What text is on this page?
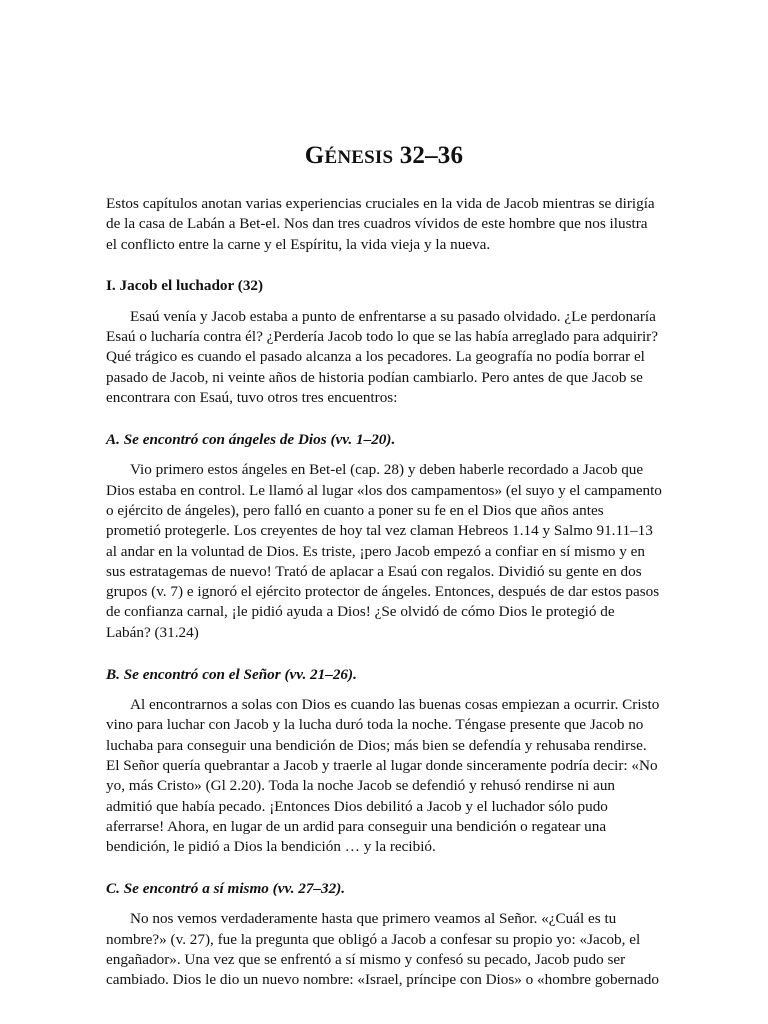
GÉNESIS 32–36

Estos capítulos anotan varias experiencias cruciales en la vida de Jacob mientras se dirigía de la casa de Labán a Bet-el. Nos dan tres cuadros vívidos de este hombre que nos ilustra el conflicto entre la carne y el Espíritu, la vida vieja y la nueva.

I. Jacob el luchador (32)

Esaú venía y Jacob estaba a punto de enfrentarse a su pasado olvidado. ¿Le perdonaría Esaú o lucharía contra él? ¿Perdería Jacob todo lo que se las había arreglado para adquirir? Qué trágico es cuando el pasado alcanza a los pecadores. La geografía no podía borrar el pasado de Jacob, ni veinte años de historia podían cambiarlo. Pero antes de que Jacob se encontrara con Esaú, tuvo otros tres encuentros:

A. Se encontró con ángeles de Dios (vv. 1–20).

Vio primero estos ángeles en Bet-el (cap. 28) y deben haberle recordado a Jacob que Dios estaba en control. Le llamó al lugar «los dos campamentos» (el suyo y el campamento o ejército de ángeles), pero falló en cuanto a poner su fe en el Dios que años antes prometió protegerle. Los creyentes de hoy tal vez claman Hebreos 1.14 y Salmo 91.11–13 al andar en la voluntad de Dios. Es triste, ¡pero Jacob empezó a confiar en sí mismo y en sus estratagemas de nuevo! Trató de aplacar a Esaú con regalos. Dividió su gente en dos grupos (v. 7) e ignoró el ejército protector de ángeles. Entonces, después de dar estos pasos de confianza carnal, ¡le pidió ayuda a Dios! ¿Se olvidó de cómo Dios le protegió de Labán? (31.24)

B. Se encontró con el Señor (vv. 21–26).

Al encontrarnos a solas con Dios es cuando las buenas cosas empiezan a ocurrir. Cristo vino para luchar con Jacob y la lucha duró toda la noche. Téngase presente que Jacob no luchaba para conseguir una bendición de Dios; más bien se defendía y rehusaba rendirse. El Señor quería quebrantar a Jacob y traerle al lugar donde sinceramente podría decir: «No yo, más Cristo» (Gl 2.20). Toda la noche Jacob se defendió y rehusó rendirse ni aun admitió que había pecado. ¡Entonces Dios debilitó a Jacob y el luchador sólo pudo aferrarse! Ahora, en lugar de un ardid para conseguir una bendición o regatear una bendición, le pidió a Dios la bendición … y la recibió.

C. Se encontró a sí mismo (vv. 27–32).

No nos vemos verdaderamente hasta que primero veamos al Señor. «¿Cuál es tu nombre?» (v. 27), fue la pregunta que obligó a Jacob a confesar su propio yo: «Jacob, el engañador». Una vez que se enfrentó a sí mismo y confesó su pecado, Jacob pudo ser cambiado. Dios le dio un nuevo nombre: «Israel, príncipe con Dios» o «hombre gobernado
